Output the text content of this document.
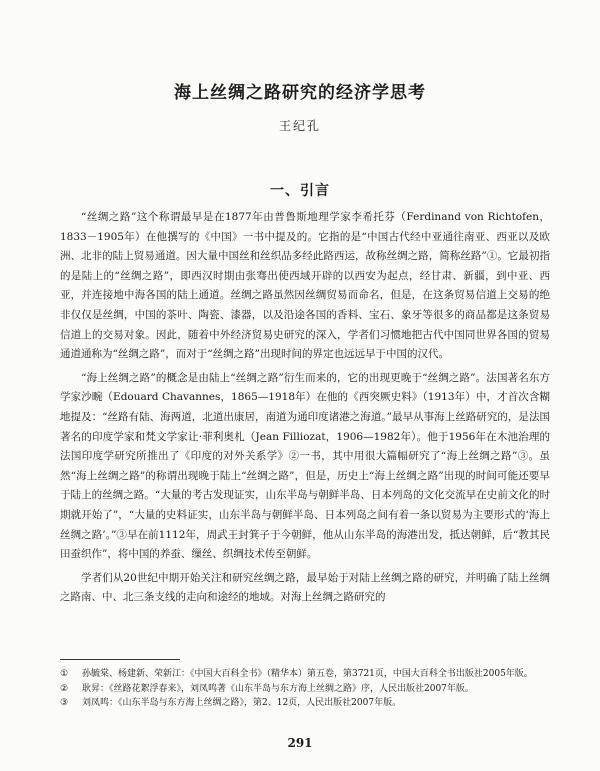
海上丝绸之路研究的经济学思考
王纪孔
一、引言

“丝绸之路”这个称谓最早是在1877年由普鲁斯地理学家李希托芬（Ferdinand von Richtofen，1833－1905年）在他撰写的《中国》一书中提及的。它指的是“中国古代经中亚通往南亚、西亚以及欧洲、北非的陆上贸易通道。因大量中国丝和丝织品多经此路西运，故称丝绸之路，简称丝路”①。它最初指的是陆上的“丝绸之路”，即西汉时期由张骞出使西域开辟的以西安为起点，经甘肃、新疆，到中亚、西亚，并连接地中海各国的陆上通道。丝绸之路虽然因丝绸贸易而命名，但是，在这条贸易信道上交易的绝非仅仅是丝绸，中国的茶叶、陶瓷、漆器，以及沿途各国的香料、宝石、象牙等很多的商品都是这条贸易信道上的交易对象。因此，随着中外经济贸易史研究的深入，学者们习惯地把古代中国同世界各国的贸易通道通称为“丝绸之路”，而对于“丝绸之路”出现时间的界定也远远早于中国的汉代。

“海上丝绸之路”的概念是由陆上“丝绸之路”衍生而来的，它的出现更晚于“丝绸之路”。法国著名东方学家沙畹（Edouard Chavannes，1865—1918年）在他的《西突厥史料》（1913年）中，才首次含糊地提及：“丝路有陆、海两道，北道出康居，南道为通印度诸港之海道。”最早从事海上丝路研究的，是法国著名的印度学家和梵文学家让·菲利奥札（Jean Filliozat，1906—1982年）。他于1956年在木池治理的法国印度学研究所推出了《印度的对外关系学》②一书，其中用很大篇幅研究了“海上丝绸之路”③。虽然“海上丝绸之路”的称谓出现晚于陆上“丝绸之路”，但是，历史上“海上丝绸之路”出现的时间可能还要早于陆上的丝绸之路。“大量的考古发现证实，山东半岛与朝鲜半岛、日本列岛的文化交流早在史前文化的时期就开始了”，“大量的史料证实，山东半岛与朝鲜半岛、日本列岛之间有着一条以贸易为主要形式的‘海上丝绸之路’。”③早在前1112年，周武王封箕子于今朝鲜，他从山东半岛的海港出发，抵达朝鲜，后“教其民田蚕织作”，将中国的养蚕、缫丝、织绸技术传至朝鲜。

学者们从20世纪中期开始关注和研究丝绸之路，最早始于对陆上丝绸之路的研究，并明确了陆上丝绸之路南、中、北三条支线的走向和途经的地域。对海上丝绸之路研究的

①	孙毓棠、杨建新、荣新江：《中国大百科全书》（精华本）第五卷，第3721页，中国大百科全书出版社2005年版。
②	耿昇：《丝路花絮浮春来》，刘凤鸣著《山东半岛与东方海上丝绸之路》序，人民出版社2007年版。
③	刘凤鸣：《山东半岛与东方海上丝绸之路》，第2、12页，人民出版社2007年版。
291
